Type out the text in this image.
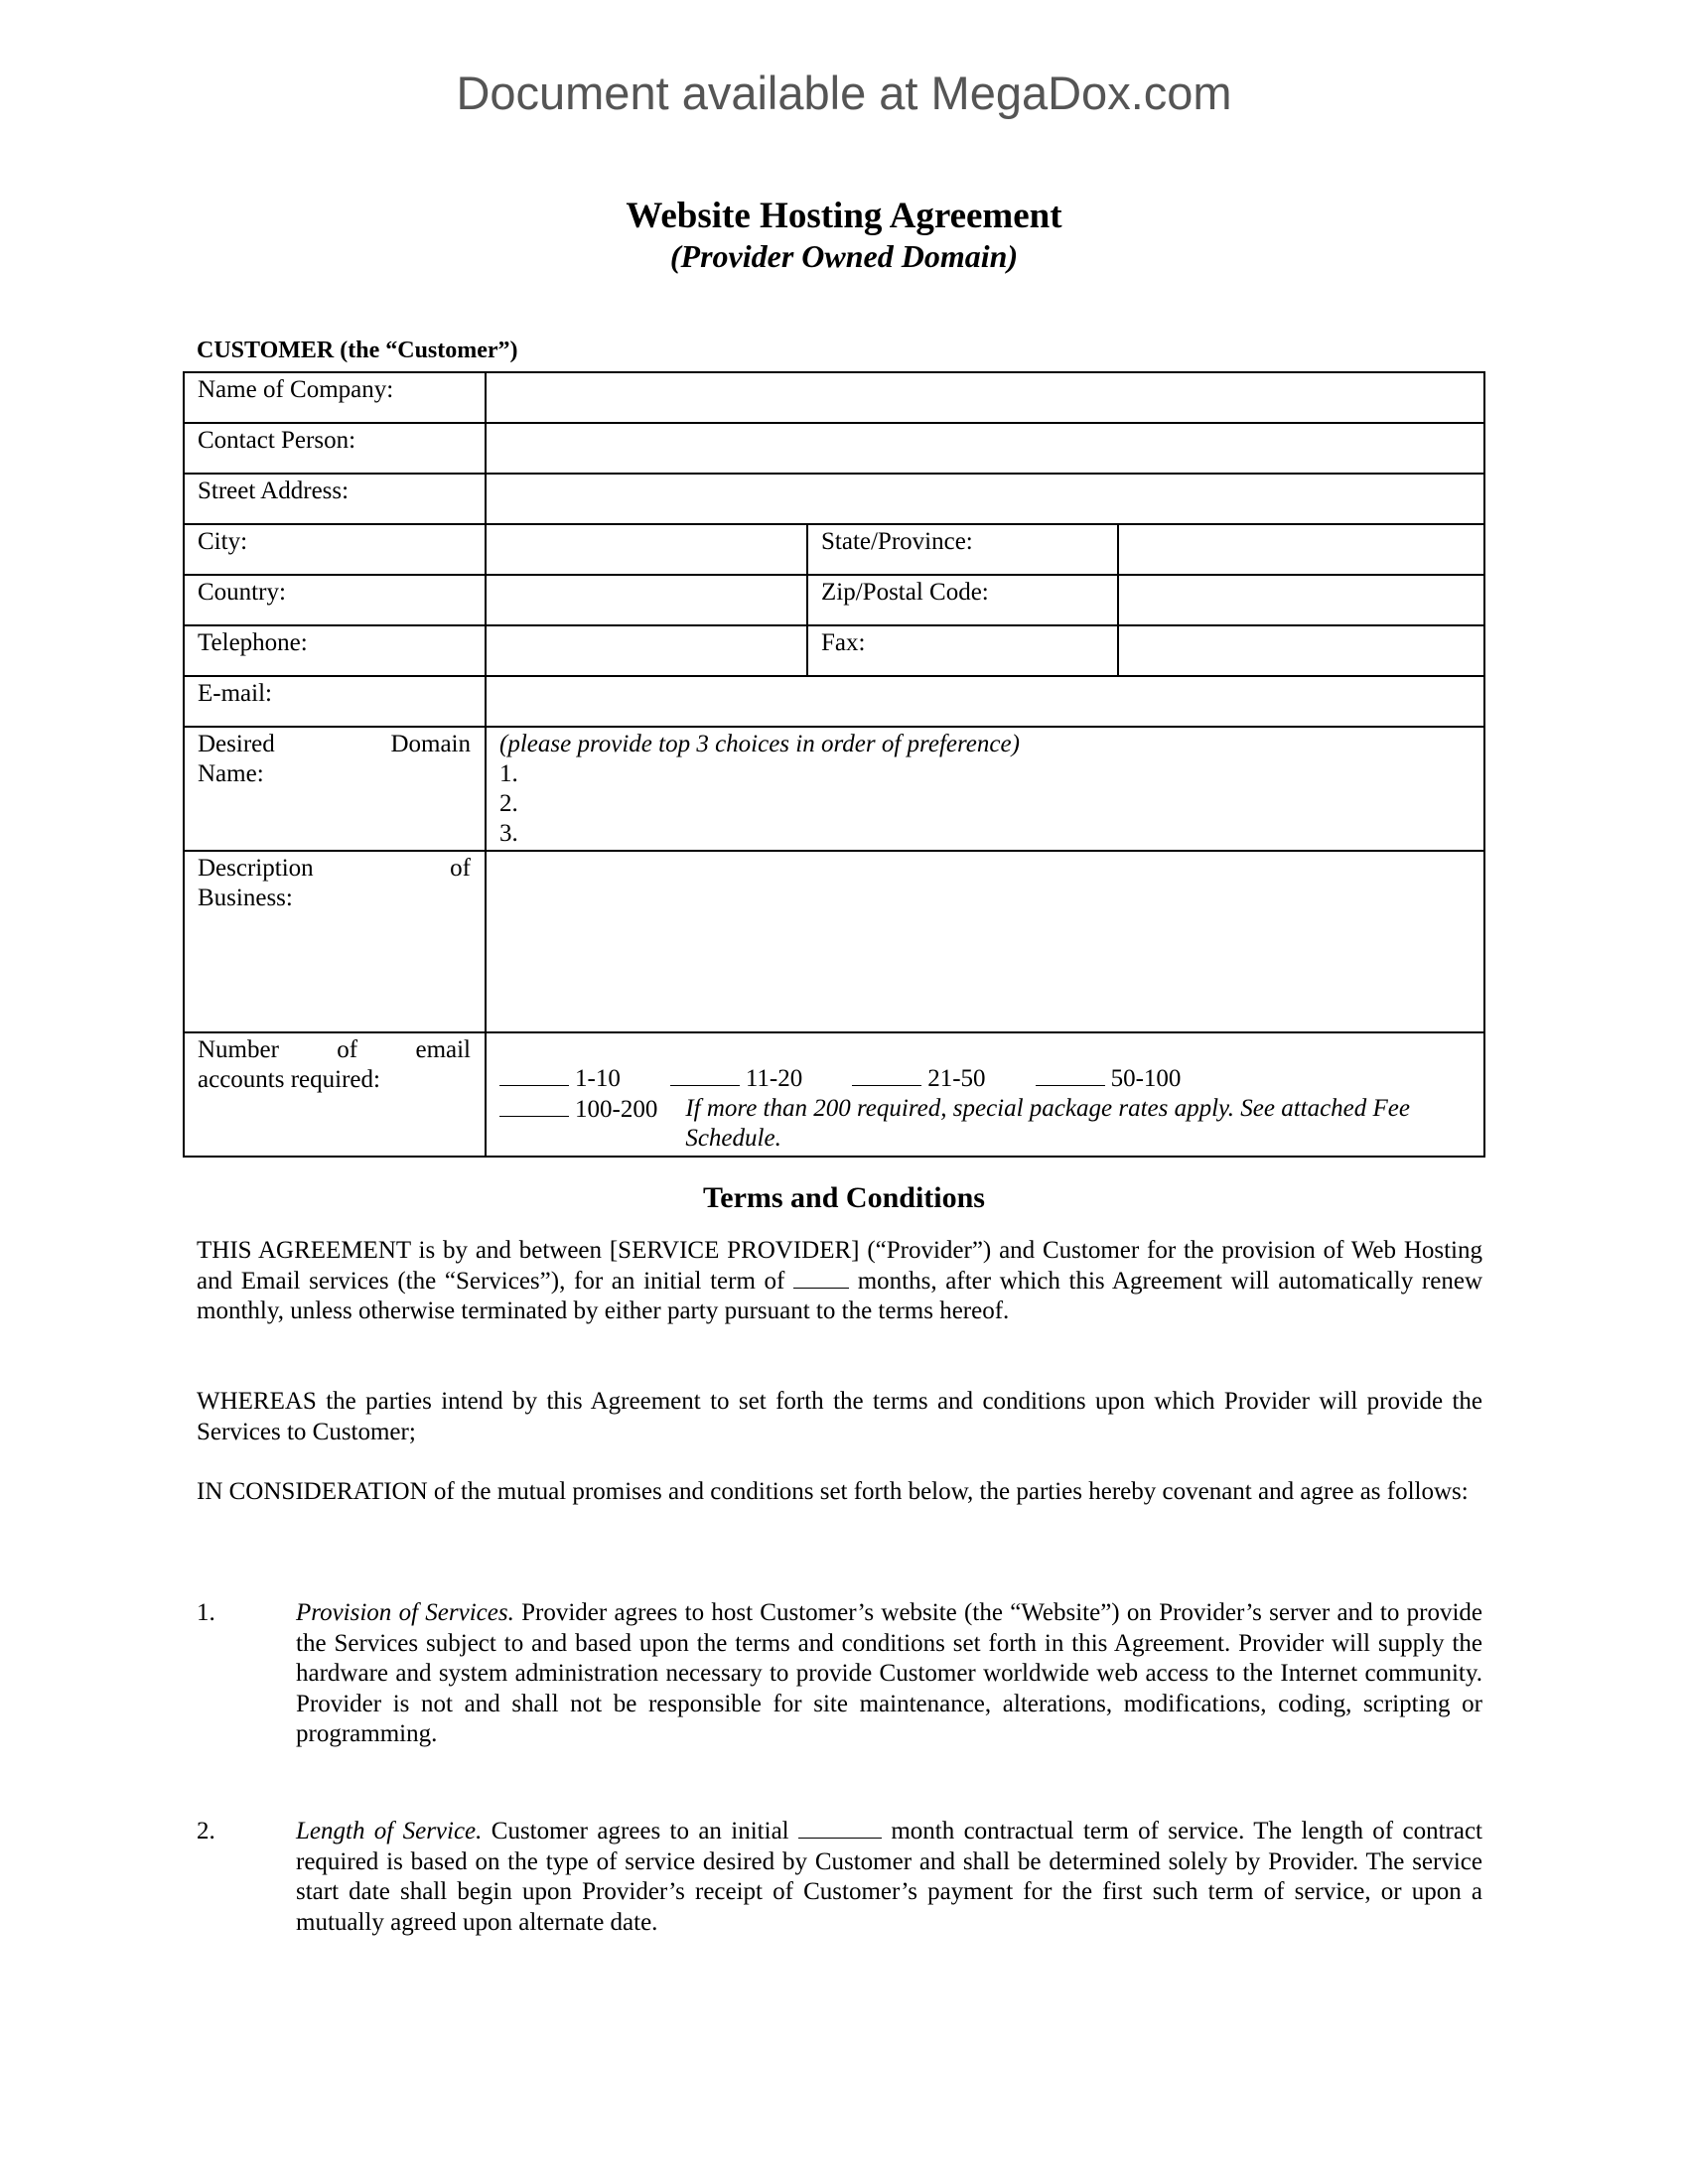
Document available at MegaDox.com
Website Hosting Agreement
(Provider Owned Domain)
CUSTOMER (the “Customer”)
Name of Company:			
Contact Person:			
Street Address:			
City:		State/Province:	
Country:		Zip/Postal Code:	
Telephone:		Fax:	
E-mail:			

Desired	Domain
Name:

(please provide top 3 choices in order of preference)
1.
2.
3.

Description of
Business:			

Number of email
accounts required:	1-10	11-20	21-50	50-100
100-200 If more than 200 required, special package rates apply. See attached Fee Schedule.
Terms and Conditions
THIS AGREEMENT is by and between [SERVICE PROVIDER] (“Provider”) and Customer for the provision of Web Hosting and Email services (the “Services”), for an initial term of  months, after which this Agreement will automatically renew monthly, unless otherwise terminated by either party pursuant to the terms hereof.
WHEREAS the parties intend by this Agreement to set forth the terms and conditions upon which Provider will provide the Services to Customer;
IN CONSIDERATION of the mutual promises and conditions set forth below, the parties hereby covenant and agree as follows:
1.	Provision of Services. Provider agrees to host Customer’s website (the “Website”) on Provider’s server and to provide the Services subject to and based upon the terms and conditions set forth in this Agreement. Provider will supply the hardware and system administration necessary to provide Customer worldwide web access to the Internet community. Provider is not and shall not be responsible for site maintenance, alterations, modifications, coding, scripting or programming.
2.	Length of Service. Customer agrees to an initial	month contractual term of service. The length of contract required is based on the type of service desired by Customer and shall be determined solely by Provider. The service start date shall begin upon Provider’s receipt of Customer’s payment for the first such term of service, or upon a mutually agreed upon alternate date.
